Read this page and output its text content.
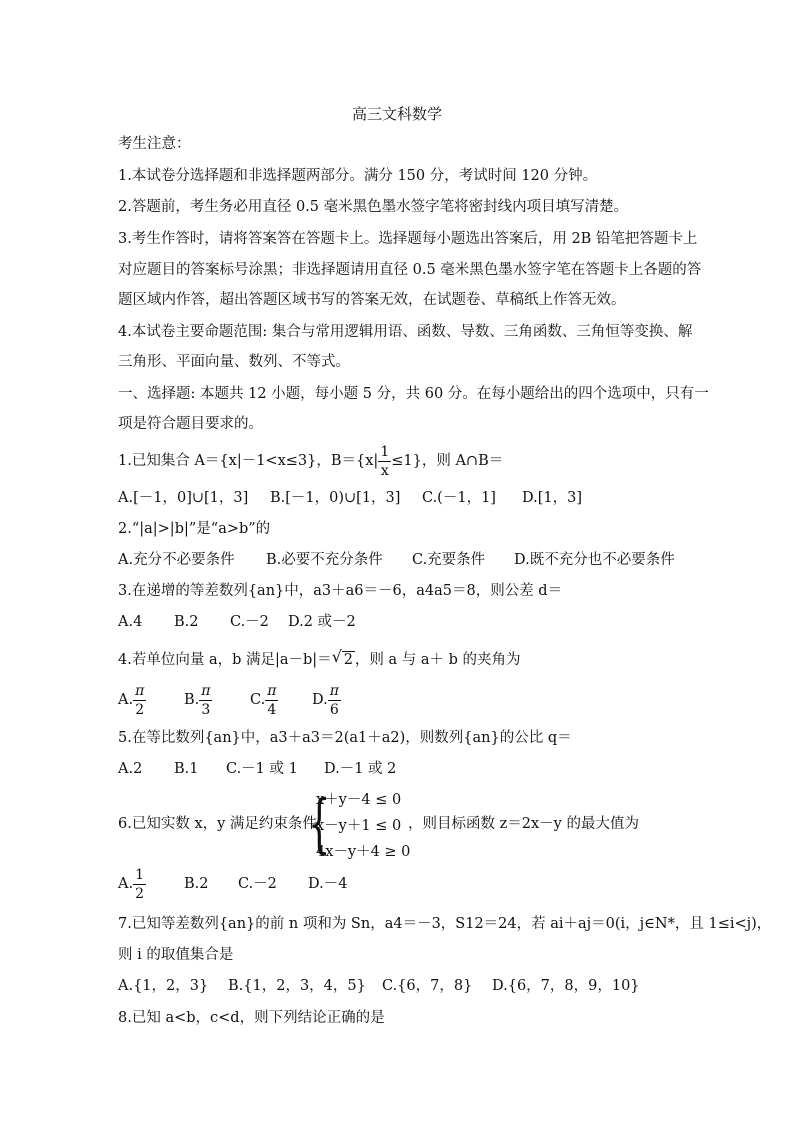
高三文科数学
考生注意：
1.本试卷分选择题和非选择题两部分。满分 150 分，考试时间 120 分钟。
2.答题前，考生务必用直径 0.5 毫米黑色墨水签字笔将密封线内项目填写清楚。
3.考生作答时，请将答案答在答题卡上。选择题每小题选出答案后，用 2B 铅笔把答题卡上
对应题目的答案标号涂黑；非选择题请用直径 0.5 毫米黑色墨水签字笔在答题卡上各题的答
题区域内作答，超出答题区域书写的答案无效，在试题卷、草稿纸上作答无效。
4.本试卷主要命题范围: 集合与常用逻辑用语、函数、导数、三角函数、三角恒等变换、解
三角形、平面向量、数列、不等式。
一、选择题: 本题共 12 小题，每小题 5 分，共 60 分。在每小题给出的四个选项中，只有一
项是符合题目要求的。
1.已知集合 A＝{x|－1<x≤3}，$B=\{x| \frac{1}{x} \le 1\}$，则 A∩B＝
A.[－1，0]∪[1，3] B.[－1，0)∪[1，3] C.(－1，1] D.[1，3]
2.“|a|>|b|”是“a>b”的
A.充分不必要条件 B.必要不充分条件 C.充要条件 D.既不充分也不必要条件
3.在递增的等差数列{an}中，a3＋a6＝－6，a4a5＝8，则公差 d＝
A.4 B.2 C.－2 D.2 或－2
4.若单位向量 a，b 满足|a－b|＝ √ 2 ，则 a 与 a＋ b 的夹角为
A. $\frac{\pi}{2}$	B. $\frac{\pi}{3}$	C. $\frac{\pi}{4} D$. $\frac{\pi}{6}$
5.在等比数列{an}中，a3＋a3＝2(a1＋a2)，则数列{an}的公比 q＝
A.2 B.1 C.－1 或 1 D.－1 或 2
6.已知实数 x，y 满足约束条件
{
x＋y－4 ≤ 0
x－y＋1 ≤ 0
4x－y＋4 ≥ 0
，则目标函数 z＝2x－y 的最大值为
A. $\frac{1}{2}$	B.2 C.－2 D.－4
7.已知等差数列{an}的前 n 项和为 Sn，a4＝－3，S12＝24，若 ai＋aj＝0(i，j∈N*，且 1≤i<j)，
则 i 的取值集合是
A.{1，2，3} B.{1，2，3，4，5} C.{6，7，8} D.{6，7，8，9，10}
8.已知 a<b，c<d，则下列结论正确的是
